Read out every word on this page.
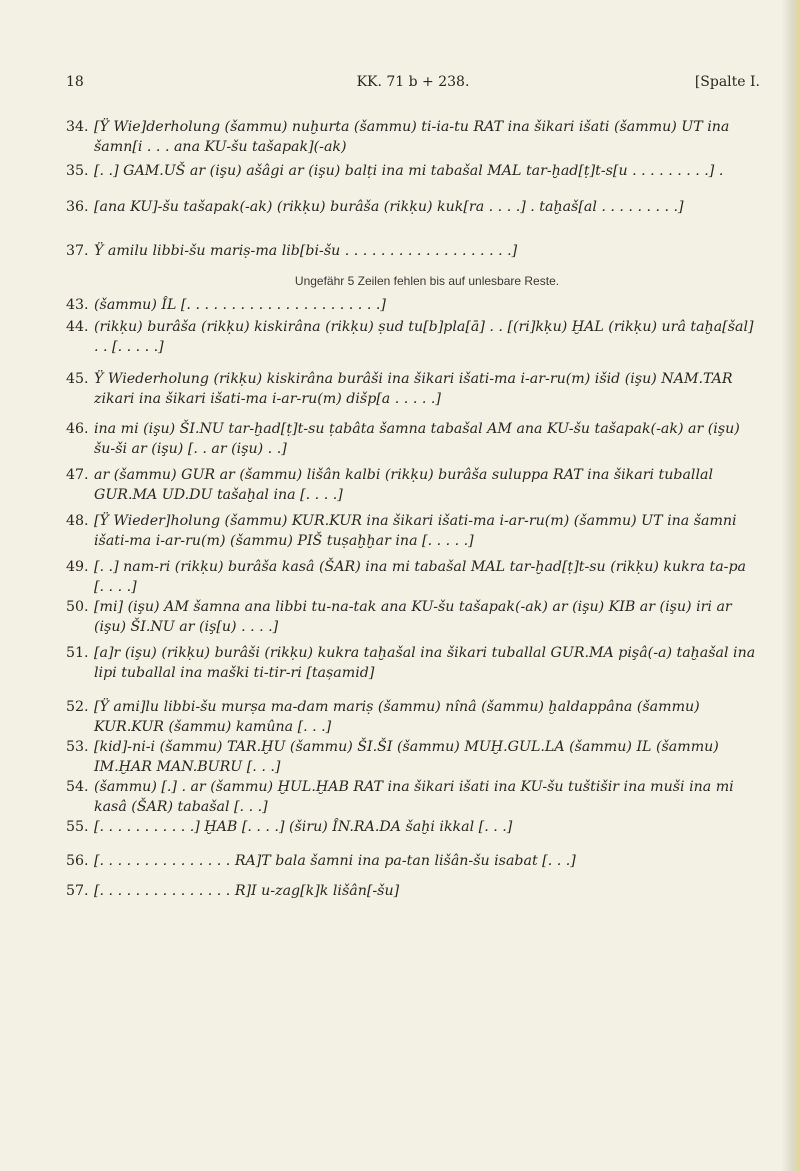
18	KK. 71 b + 238.	[Spalte I.
34. [Ÿ Wie]derholung (šammu) nuḫurta (šammu) ti-ia-tu RAT ina šikari išati (šammu) UT ina šamn[i . . . ana KU-šu tašapak](-ak)
35. [. .] GAM.UŠ ar (işu) ašâgi ar (işu) balṭi ina mi tabašal MAL tar-ḫad[ṭ]t-s[u . . . . . . . . .] .
36. [ana KU]-šu tašapak(-ak) (rikḳu) burâša (rikḳu) kuk[ra . . . .] . taḫaš[al . . . . . . . . .]
37. Ÿ amilu libbi-šu mariṣ-ma lib[bi-šu . . . . . . . . . . . . . . . . . . .]
Ungefähr 5 Zeilen fehlen bis auf unlesbare Reste.
43. (šammu) ÎL [. . . . . . . . . . . . . . . . . . . . . .]
44. (rikḳu) burâša (rikḳu) kiskirâna (rikḳu) ṣud tu[b]pla[ā] . . [(ri]kḳu) ḪAL (rikḳu) urâ taḫa[šal] . . [. . . . .]
45. Ÿ Wiederholung (rikḳu) kiskirâna burâši ina šikari išati-ma i-ar-ru(m) išid (işu) NAM.TAR zikari ina šikari išati-ma i-ar-ru(m) dišp[a . . . . .]
46. ina mi (işu) ŠI.NU tar-ḫad[ṭ]t-su ṭabâta šamna tabašal AM ana KU-šu tašapak(-ak) ar (işu) šu-ši ar (işu) [. . ar (işu) . .]
47. ar (šammu) GUR ar (šammu) lišân kalbi (rikḳu) burâša suluppa RAT ina šikari tuballal GUR.MA UD.DU tašaḫal ina [. . . .]
48. [Ÿ Wieder]holung (šammu) KUR.KUR ina šikari išati-ma i-ar-ru(m) (šammu) UT ina šamni išati-ma i-ar-ru(m) (šammu) PIŠ tuṣaḫḫar ina [. . . . .]
49. [. .] nam-ri (rikḳu) burâša kasâ (ŠAR) ina mi tabašal MAL tar-ḫad[ṭ]t-su (rikḳu) kukra ta-pa [. . . .]
50. [mi] (işu) AM šamna ana libbi tu-na-tak ana KU-šu tašapak(-ak) ar (işu) KIB ar (işu) iri ar (işu) ŠI.NU ar (iş[u) . . . .]
51. [a]r (işu) (rikḳu) burâši (rikḳu) kukra taḫašal ina šikari tuballal GUR.MA pişâ(-a) taḫašal ina lipi tuballal ina maški ti-tir-ri [tașamid]
52. [Ÿ ami]lu libbi-šu murṣa ma-dam mariṣ (šammu) nînâ (šammu) ḫaldappâna (šammu) KUR.KUR (šammu) kamûna [. . .]
53. [kid]-ni-i (šammu) TAR.ḪU (šammu) ŠI.ŠI (šammu) MUḪ.GUL.LA (šammu) IL (šammu) IM.ḪAR MAN.BURU [. . .]
54. (šammu) [.] . ar (šammu) ḪUL.ḪAB RAT ina šikari išati ina KU-šu tuštišir ina muši ina mi kasâ (ŠAR) tabašal [. . .]
55. [. . . . . . . . . . .] ḪAB [. . . .] (širu) ÎN.RA.DA šaḫi ikkal [. . .]
56. [. . . . . . . . . . . . . . . RA]T bala šamni ina pa-tan lišân-šu isabat [. . .]
57. [. . . . . . . . . . . . . . . R]I u-zag[k]k lišân[-šu]
